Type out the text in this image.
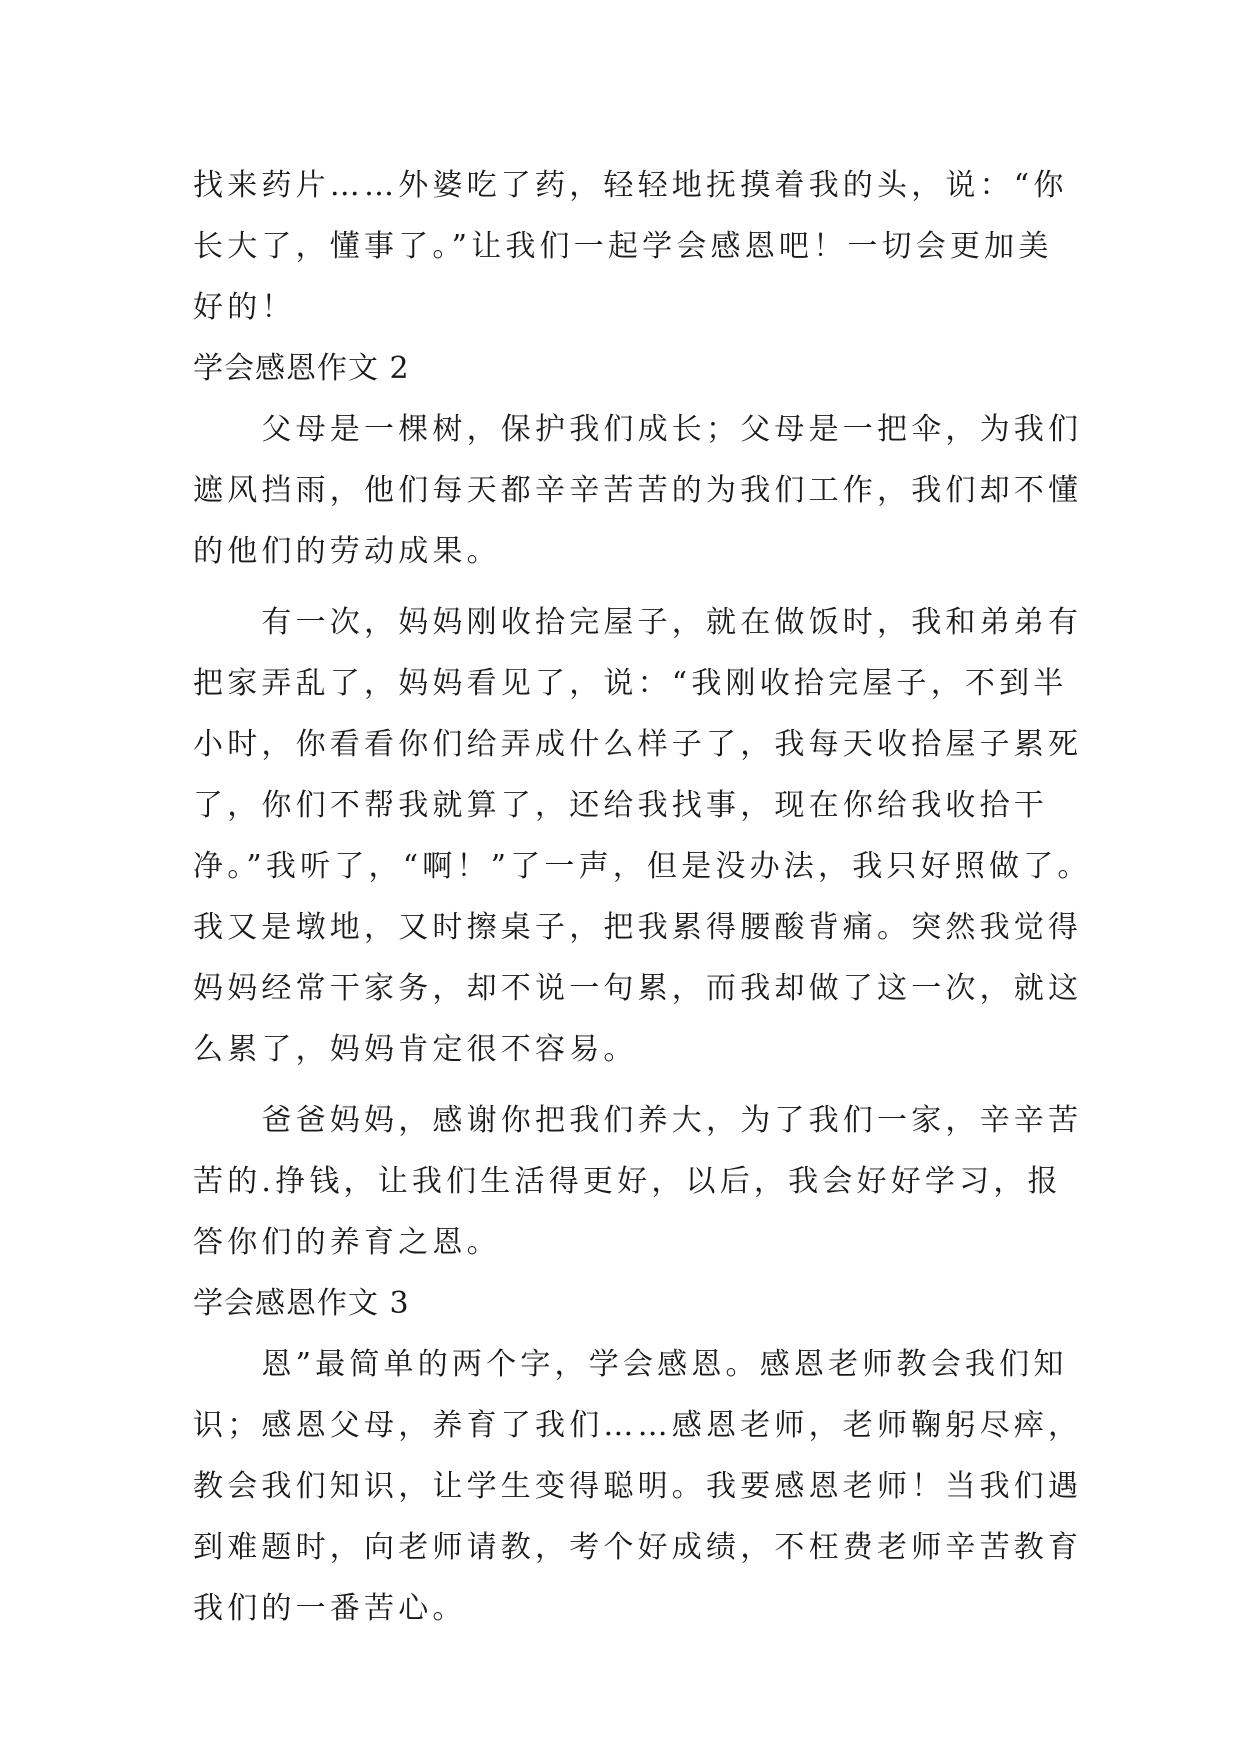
找来药片……外婆吃了药，轻轻地抚摸着我的头，说：“你

长大了，懂事了。”让我们一起学会感恩吧！一切会更加美

好的！

学会感恩作文 2

　　父母是一棵树，保护我们成长；父母是一把伞，为我们

遮风挡雨，他们每天都辛辛苦苦的为我们工作，我们却不懂

的他们的劳动成果。

　　有一次，妈妈刚收拾完屋子，就在做饭时，我和弟弟有

把家弄乱了，妈妈看见了，说：“我刚收拾完屋子，不到半

小时，你看看你们给弄成什么样子了，我每天收拾屋子累死

了，你们不帮我就算了，还给我找事，现在你给我收拾干

净。”我听了，“啊！”了一声，但是没办法，我只好照做了。

我又是墩地，又时擦桌子，把我累得腰酸背痛。突然我觉得

妈妈经常干家务，却不说一句累，而我却做了这一次，就这

么累了，妈妈肯定很不容易。

　　爸爸妈妈，感谢你把我们养大，为了我们一家，辛辛苦

苦的.挣钱，让我们生活得更好，以后，我会好好学习，报

答你们的养育之恩。

学会感恩作文 3

　　恩”最简单的两个字，学会感恩。感恩老师教会我们知

识；感恩父母，养育了我们……感恩老师，老师鞠躬尽瘁，

教会我们知识，让学生变得聪明。我要感恩老师！当我们遇

到难题时，向老师请教，考个好成绩，不枉费老师辛苦教育

我们的一番苦心。
